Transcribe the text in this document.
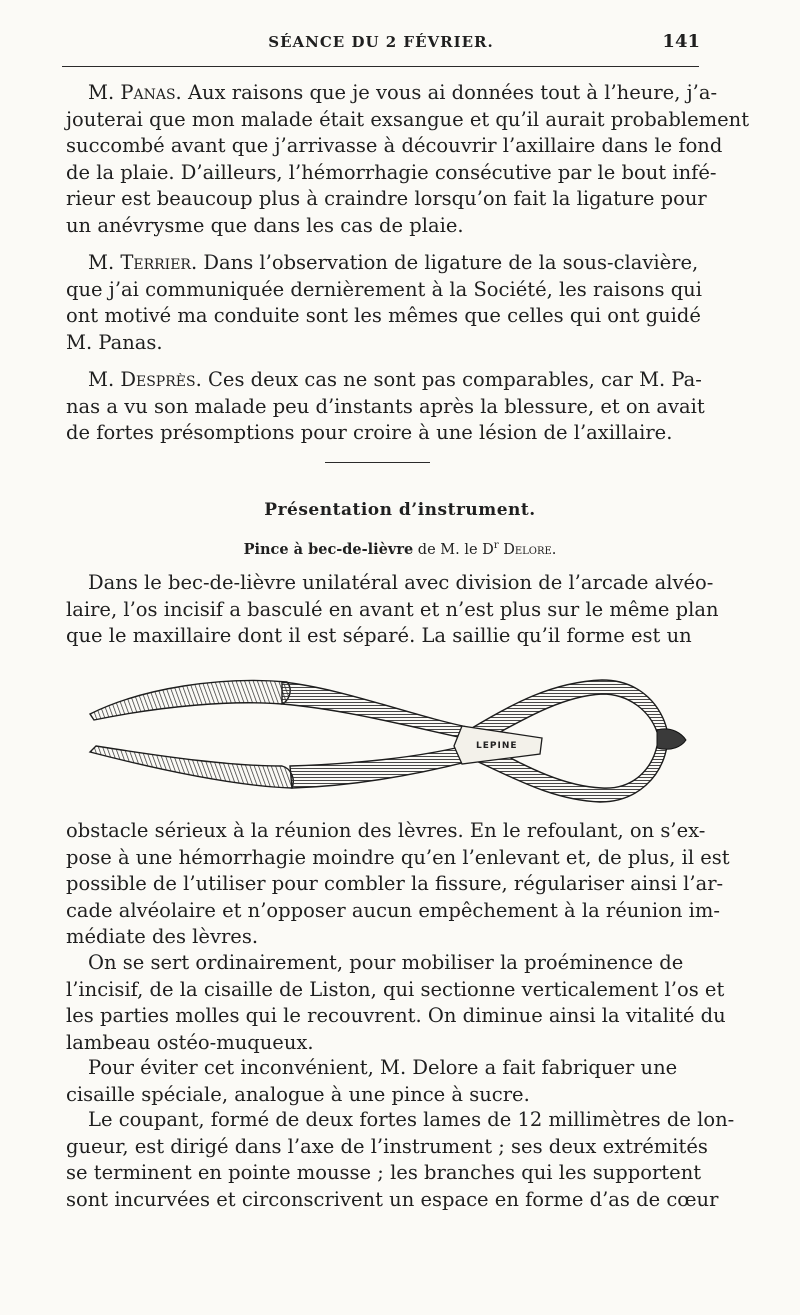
SÉANCE DU 2 FÉVRIER.	141
M. Panas. Aux raisons que je vous ai données tout à l’heure, j’a-
jouterai que mon malade était exsangue et qu’il aurait probablement
succombé avant que j’arrivasse à découvrir l’axillaire dans le fond
de la plaie. D’ailleurs, l’hémorrhagie consécutive par le bout infé-
rieur est beaucoup plus à craindre lorsqu’on fait la ligature pour
un anévrysme que dans les cas de plaie.
M. Terrier. Dans l’observation de ligature de la sous-clavière,
que j’ai communiquée dernièrement à la Société, les raisons qui
ont motivé ma conduite sont les mêmes que celles qui ont guidé
M. Panas.
M. Desprès. Ces deux cas ne sont pas comparables, car M. Pa-
nas a vu son malade peu d’instants après la blessure, et on avait
de fortes présomptions pour croire à une lésion de l’axillaire.
Présentation d’instrument.
Pince à bec-de-lièvre de M. le $D^r$ Delore.
Dans le bec-de-lièvre unilatéral avec division de l’arcade alvéo-
laire, l’os incisif a basculé en avant et n’est plus sur le même plan
que le maxillaire dont il est séparé. La saillie qu’il forme est un
LEPINE
obstacle sérieux à la réunion des lèvres. En le refoulant, on s’ex-
pose à une hémorrhagie moindre qu’en l’enlevant et, de plus, il est
possible de l’utiliser pour combler la fissure, régulariser ainsi l’ar-
cade alvéolaire et n’opposer aucun empêchement à la réunion im-
médiate des lèvres.
On se sert ordinairement, pour mobiliser la proéminence de
l’incisif, de la cisaille de Liston, qui sectionne verticalement l’os et
les parties molles qui le recouvrent. On diminue ainsi la vitalité du
lambeau ostéo-muqueux.
Pour éviter cet inconvénient, M. Delore a fait fabriquer une
cisaille spéciale, analogue à une pince à sucre.
Le coupant, formé de deux fortes lames de 12 millimètres de lon-
gueur, est dirigé dans l’axe de l’instrument ; ses deux extrémités
se terminent en pointe mousse ; les branches qui les supportent
sont incurvées et circonscrivent un espace en forme d’as de cœur
